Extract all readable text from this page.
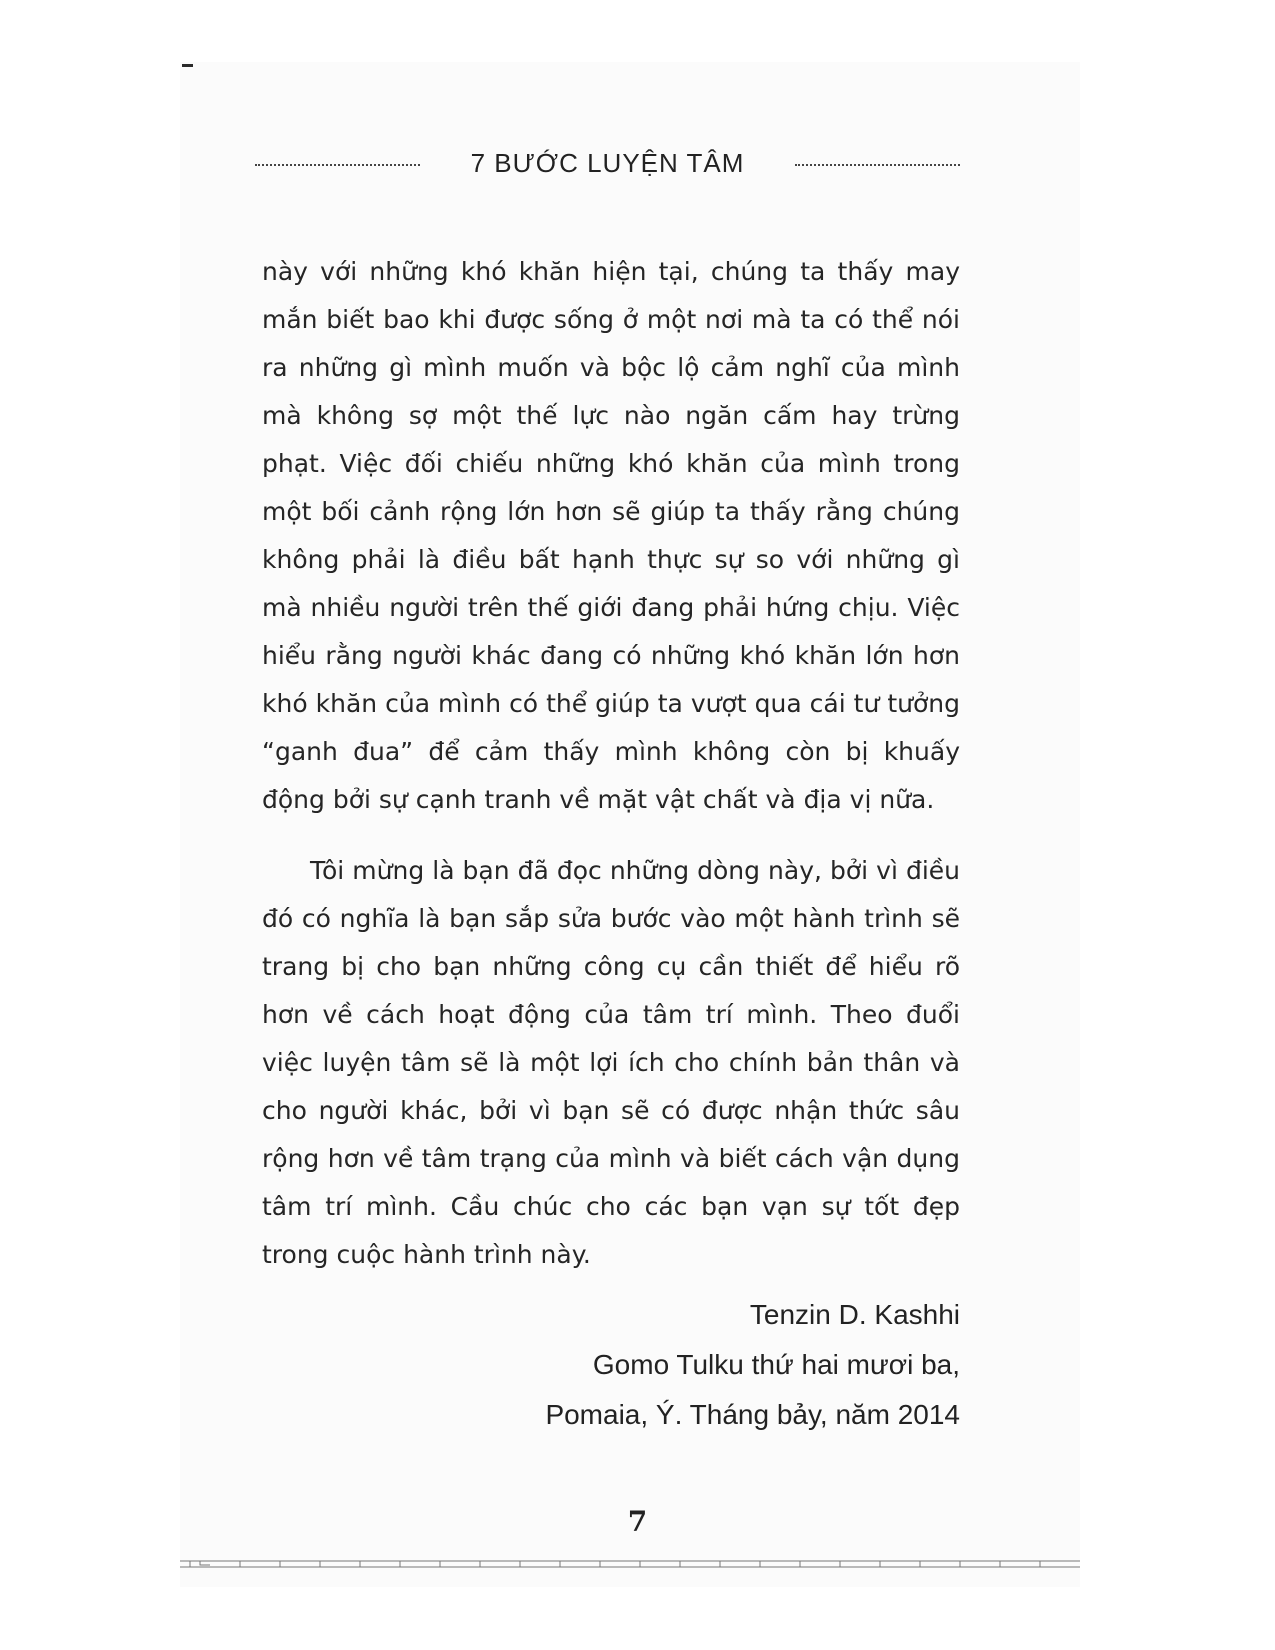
7 BƯỚC LUYỆN TÂM

này với những khó khăn hiện tại, chúng ta thấy may mắn biết bao khi được sống ở một nơi mà ta có thể nói ra những gì mình muốn và bộc lộ cảm nghĩ của mình mà không sợ một thế lực nào ngăn cấm hay trừng phạt. Việc đối chiếu những khó khăn của mình trong một bối cảnh rộng lớn hơn sẽ giúp ta thấy rằng chúng không phải là điều bất hạnh thực sự so với những gì mà nhiều người trên thế giới đang phải hứng chịu. Việc hiểu rằng người khác đang có những khó khăn lớn hơn khó khăn của mình có thể giúp ta vượt qua cái tư tưởng “ganh đua” để cảm thấy mình không còn bị khuấy động bởi sự cạnh tranh về mặt vật chất và địa vị nữa.

Tôi mừng là bạn đã đọc những dòng này, bởi vì điều đó có nghĩa là bạn sắp sửa bước vào một hành trình sẽ trang bị cho bạn những công cụ cần thiết để hiểu rõ hơn về cách hoạt động của tâm trí mình. Theo đuổi việc luyện tâm sẽ là một lợi ích cho chính bản thân và cho người khác, bởi vì bạn sẽ có được nhận thức sâu rộng hơn về tâm trạng của mình và biết cách vận dụng tâm trí mình. Cầu chúc cho các bạn vạn sự tốt đẹp trong cuộc hành trình này.

Tenzin D. Kashhi
Gomo Tulku thứ hai mươi ba,
Pomaia, Ý. Tháng bảy, năm 2014
7
